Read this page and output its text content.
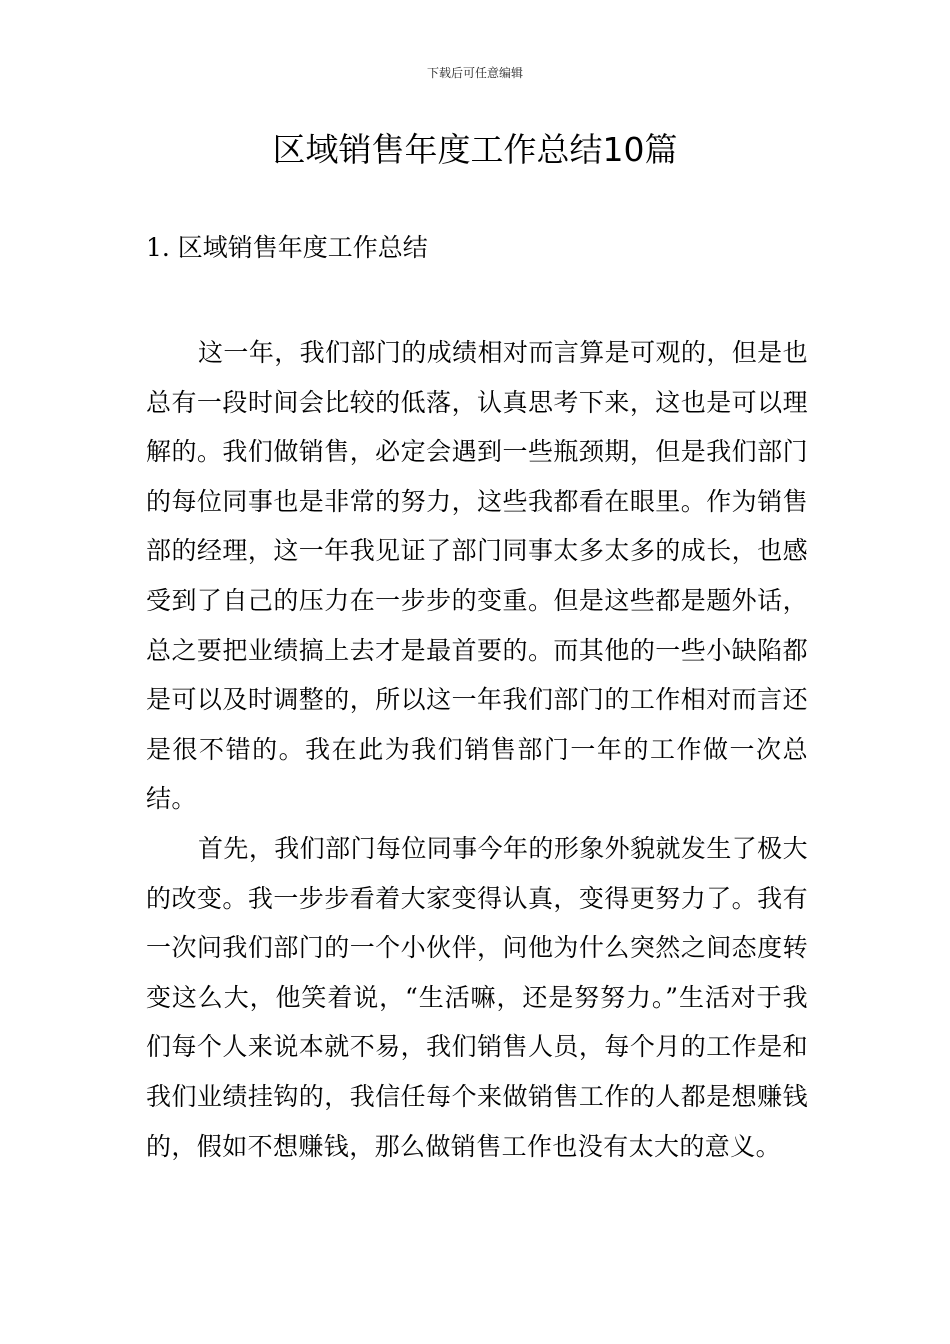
下载后可任意编辑
区域销售年度工作总结10篇
1. 区域销售年度工作总结

这一年，我们部门的成绩相对而言算是可观的，但是也总有一段时间会比较的低落，认真思考下来，这也是可以理解的。我们做销售，必定会遇到一些瓶颈期，但是我们部门的每位同事也是非常的努力，这些我都看在眼里。作为销售部的经理，这一年我见证了部门同事太多太多的成长，也感受到了自己的压力在一步步的变重。但是这些都是题外话，总之要把业绩搞上去才是最首要的。而其他的一些小缺陷都是可以及时调整的，所以这一年我们部门的工作相对而言还是很不错的。我在此为我们销售部门一年的工作做一次总结。

首先，我们部门每位同事今年的形象外貌就发生了极大的改变。我一步步看着大家变得认真，变得更努力了。我有一次问我们部门的一个小伙伴，问他为什么突然之间态度转变这么大，他笑着说，“生活嘛，还是努努力。”生活对于我们每个人来说本就不易，我们销售人员，每个月的工作是和我们业绩挂钩的，我信任每个来做销售工作的人都是想赚钱的，假如不想赚钱，那么做销售工作也没有太大的意义。
